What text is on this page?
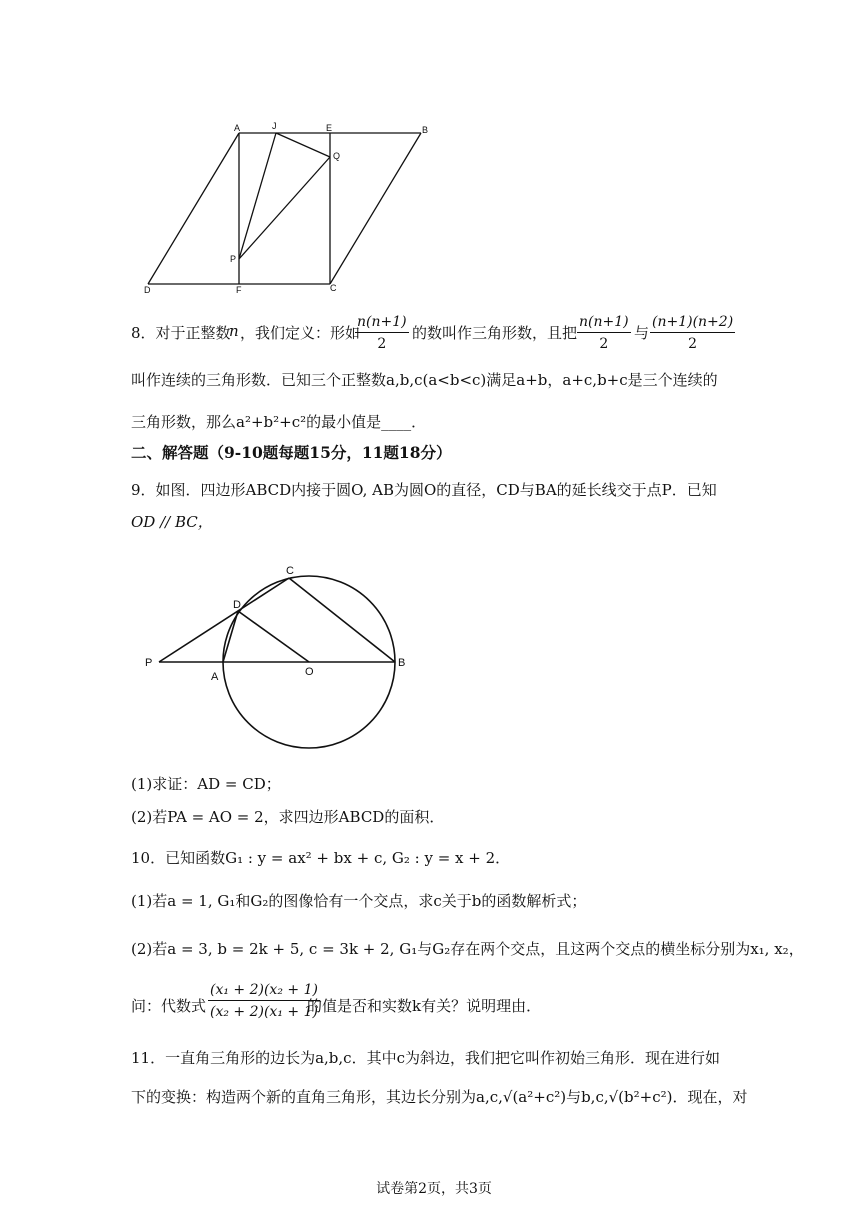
A	J	E	B
Q
P
D	F	C
8．对于正整数
n ，我们定义：形如
$\frac{n(n+1)}{2}$ 的数叫作三角形数，且把 $\frac{n(n+1)}{2}$ 与 $\frac{(n+1)(n+2)}{2}$
叫作连续的三角形数．已知三个正整数a,b,c(a<b<c)满足a+b，a+c,b+c是三个连续的
三角形数，那么a²+b²+c²的最小值是____．
二、解答题（9-10题每题15分，11题18分）
9．如图．四边形ABCD内接于圆O, AB为圆O的直径，CD与BA的延长线交于点P．已知
OD // BC，
C
D
P
A	O
B
(1)求证：AD = CD；
(2)若PA = AO = 2，求四边形ABCD的面积．
10．已知函数G₁ : y = ax² + bx + c, G₂ : y = x + 2．
(1)若a = 1, G₁和G₂的图像恰有一个交点，求c关于b的函数解析式；
(2)若a = 3, b = 2k + 5, c = 3k + 2, G₁与G₂存在两个交点，且这两个交点的横坐标分别为x₁, x₂，
问：代数式 $\frac{\text{(x₁ + 2)(x₂ + 1)}}{\text{(x₂ + 2)(x₁ + 1)}}$
的值是否和实数k有关？说明理由．
11．一直角三角形的边长为a,b,c．其中c为斜边，我们把它叫作初始三角形．现在进行如
下的变换：构造两个新的直角三角形，其边长分别为a,c,√(a²+c²)与b,c,√(b²+c²)．现在，对
试卷第2页，共3页
